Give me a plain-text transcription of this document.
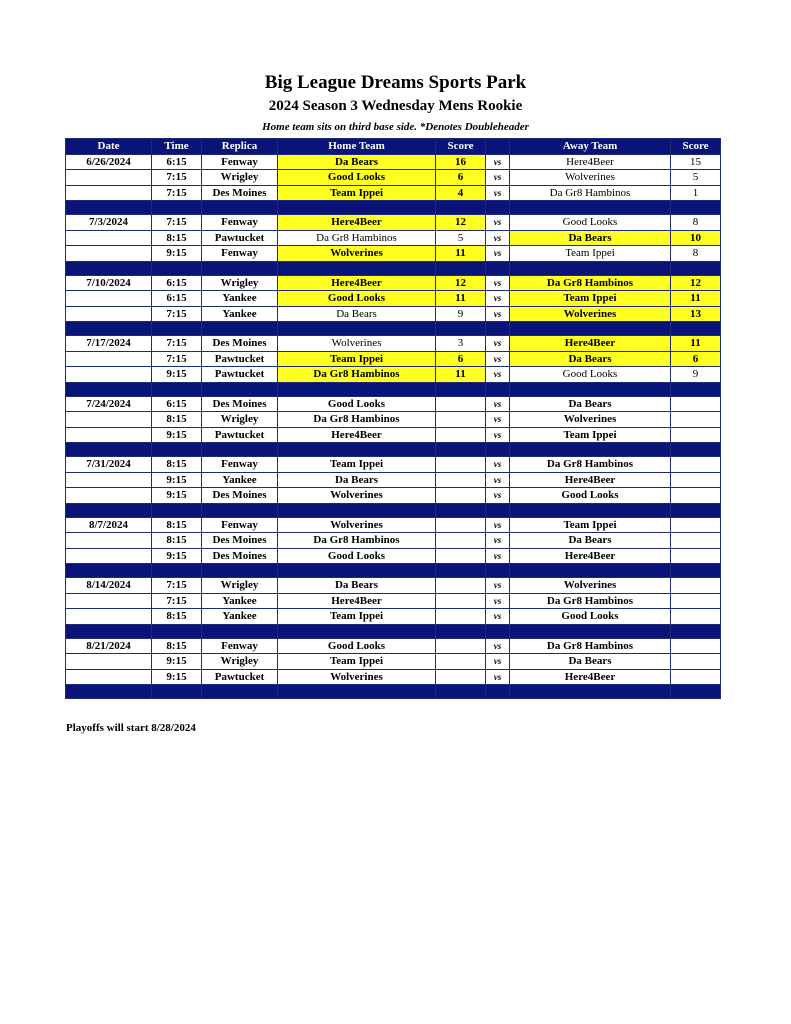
Big League Dreams Sports Park
2024 Season 3 Wednesday Mens Rookie

Home team sits on third base side. *Denotes Doubleheader

Date	Time	Replica	Home Team	Score		Away Team	Score
6/26/2024	6:15	Fenway	Da Bears	16	vs	Here4Beer	15
	7:15	Wrigley	Good Looks	6	vs	Wolverines	5
	7:15	Des Moines	Team Ippei	4	vs	Da Gr8 Hambinos	1

7/3/2024	7:15	Fenway	Here4Beer	12	vs	Good Looks	8
	8:15	Pawtucket	Da Gr8 Hambinos	5	vs	Da Bears	10
	9:15	Fenway	Wolverines	11	vs	Team Ippei	8

7/10/2024	6:15	Wrigley	Here4Beer	12	vs	Da Gr8 Hambinos	12
	6:15	Yankee	Good Looks	11	vs	Team Ippei	11
	7:15	Yankee	Da Bears	9	vs	Wolverines	13

7/17/2024	7:15	Des Moines	Wolverines	3	vs	Here4Beer	11
	7:15	Pawtucket	Team Ippei	6	vs	Da Bears	6
	9:15	Pawtucket	Da Gr8 Hambinos	11	vs	Good Looks	9

7/24/2024	6:15	Des Moines	Good Looks		vs	Da Bears	
	8:15	Wrigley	Da Gr8 Hambinos		vs	Wolverines	
	9:15	Pawtucket	Here4Beer		vs	Team Ippei	

7/31/2024	8:15	Fenway	Team Ippei		vs	Da Gr8 Hambinos	
	9:15	Yankee	Da Bears		vs	Here4Beer	
	9:15	Des Moines	Wolverines		vs	Good Looks	

8/7/2024	8:15	Fenway	Wolverines		vs	Team Ippei	
	8:15	Des Moines	Da Gr8 Hambinos		vs	Da Bears	
	9:15	Des Moines	Good Looks		vs	Here4Beer	

8/14/2024	7:15	Wrigley	Da Bears		vs	Wolverines	
	7:15	Yankee	Here4Beer		vs	Da Gr8 Hambinos	
	8:15	Yankee	Team Ippei		vs	Good Looks	

8/21/2024	8:15	Fenway	Good Looks		vs	Da Gr8 Hambinos	
	9:15	Wrigley	Team Ippei		vs	Da Bears	
	9:15	Pawtucket	Wolverines		vs	Here4Beer	

Playoffs will start 8/28/2024
